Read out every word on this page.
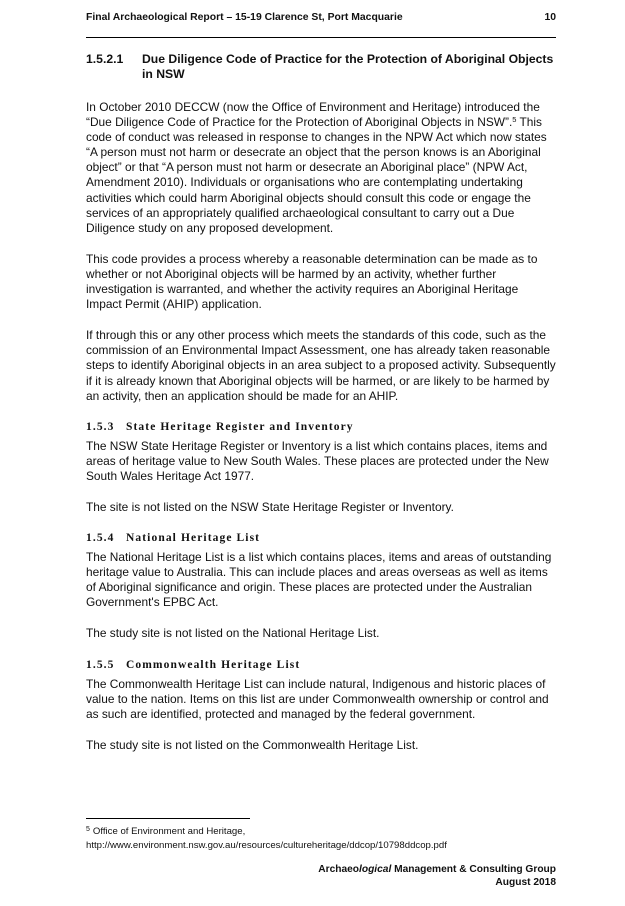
Final Archaeological Report – 15-19 Clarence St, Port Macquarie	10
1.5.2.1	Due Diligence Code of Practice for the Protection of Aboriginal Objects in NSW

In October 2010 DECCW (now the Office of Environment and Heritage) introduced the “Due Diligence Code of Practice for the Protection of Aboriginal Objects in NSW”.$^5$ This code of conduct was released in response to changes in the NPW Act which now states “A person must not harm or desecrate an object that the person knows is an Aboriginal object” or that “A person must not harm or desecrate an Aboriginal place” (NPW Act, Amendment 2010). Individuals or organisations who are contemplating undertaking activities which could harm Aboriginal objects should consult this code or engage the services of an appropriately qualified archaeological consultant to carry out a Due Diligence study on any proposed development.

This code provides a process whereby a reasonable determination can be made as to whether or not Aboriginal objects will be harmed by an activity, whether further investigation is warranted, and whether the activity requires an Aboriginal Heritage Impact Permit (AHIP) application.

If through this or any other process which meets the standards of this code, such as the commission of an Environmental Impact Assessment, one has already taken reasonable steps to identify Aboriginal objects in an area subject to a proposed activity. Subsequently if it is already known that Aboriginal objects will be harmed, or are likely to be harmed by an activity, then an application should be made for an AHIP.

1.5.3	State Heritage Register and Inventory

The NSW State Heritage Register or Inventory is a list which contains places, items and areas of heritage value to New South Wales. These places are protected under the New South Wales Heritage Act 1977.

The site is not listed on the NSW State Heritage Register or Inventory.

1.5.4	National Heritage List

The National Heritage List is a list which contains places, items and areas of outstanding heritage value to Australia. This can include places and areas overseas as well as items of Aboriginal significance and origin. These places are protected under the Australian Government's EPBC Act.

The study site is not listed on the National Heritage List.

1.5.5	Commonwealth Heritage List

The Commonwealth Heritage List can include natural, Indigenous and historic places of value to the nation. Items on this list are under Commonwealth ownership or control and as such are identified, protected and managed by the federal government.

The study site is not listed on the Commonwealth Heritage List.

$^5$ Office of Environment and Heritage,
http://www.environment.nsw.gov.au/resources/cultureheritage/ddcop/10798ddcop.pdf
Archaeological Management & Consulting Group
August 2018
